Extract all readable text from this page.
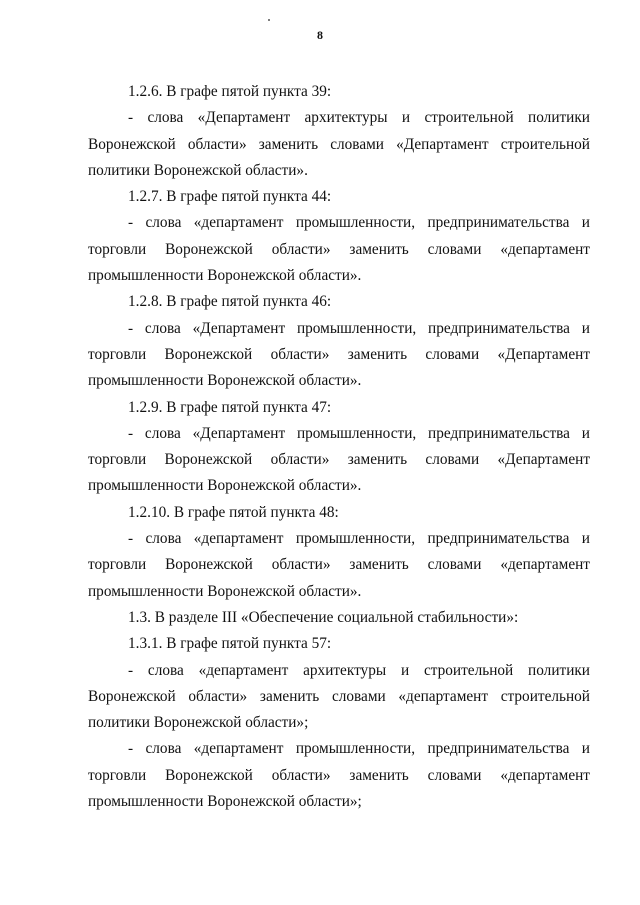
8

1.2.6. В графе пятой пункта 39:

- слова «Департамент архитектуры и строительной политики Воронежской области» заменить словами «Департамент строительной политики Воронежской области».

1.2.7. В графе пятой пункта 44:

- слова «департамент промышленности, предпринимательства и торговли Воронежской области» заменить словами «департамент промышленности Воронежской области».

1.2.8. В графе пятой пункта 46:

- слова «Департамент промышленности, предпринимательства и торговли Воронежской области» заменить словами «Департамент промышленности Воронежской области».

1.2.9. В графе пятой пункта 47:

- слова «Департамент промышленности, предпринимательства и торговли Воронежской области» заменить словами «Департамент промышленности Воронежской области».

1.2.10. В графе пятой пункта 48:

- слова «департамент промышленности, предпринимательства и торговли Воронежской области» заменить словами «департамент промышленности Воронежской области».

1.3. В разделе III «Обеспечение социальной стабильности»:

1.3.1. В графе пятой пункта 57:

- слова «департамент архитектуры и строительной политики Воронежской области» заменить словами «департамент строительной политики Воронежской области»;

- слова «департамент промышленности, предпринимательства и торговли Воронежской области» заменить словами «департамент промышленности Воронежской области»;
